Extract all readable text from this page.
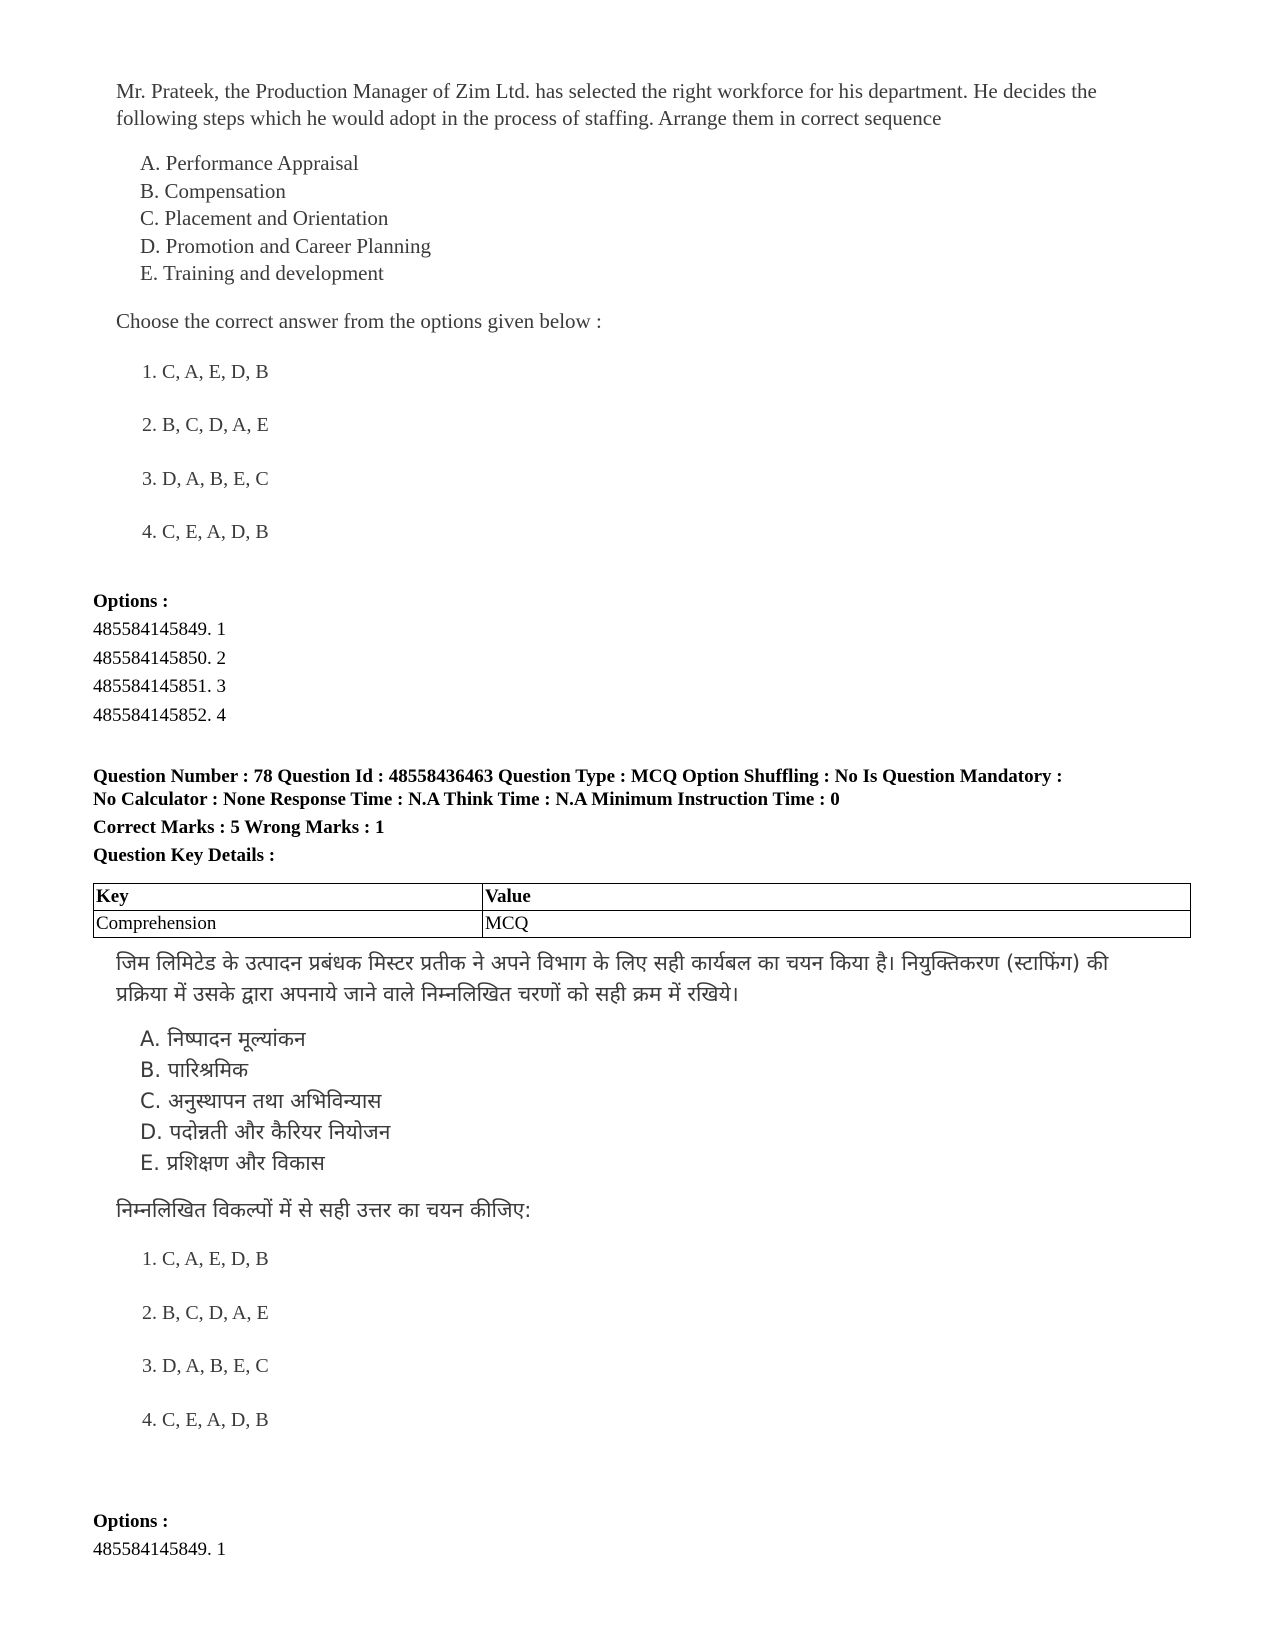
Mr. Prateek, the Production Manager of Zim Ltd. has selected the right workforce for his department. He decides the following steps which he would adopt in the process of staffing. Arrange them in correct sequence

A. Performance Appraisal
B. Compensation
C. Placement and Orientation
D. Promotion and Career Planning
E. Training and development

Choose the correct answer from the options given below :

1. C, A, E, D, B
2. B, C, D, A, E
3. D, A, B, E, C
4. C, E, A, D, B
Options :
485584145849. 1
485584145850. 2
485584145851. 3
485584145852. 4
Question Number : 78 Question Id : 48558436463 Question Type : MCQ Option Shuffling : No Is Question Mandatory :
No Calculator : None Response Time : N.A Think Time : N.A Minimum Instruction Time : 0
Correct Marks : 5 Wrong Marks : 1
Question Key Details :
Key	Value
Comprehension	MCQ

जिम लिमिटेड के उत्पादन प्रबंधक मिस्टर प्रतीक ने अपने विभाग के लिए सही कार्यबल का चयन किया है। नियुक्तिकरण (स्टाफिंग) की प्रक्रिया में उसके द्वारा अपनाये जाने वाले निम्नलिखित चरणों को सही क्रम में रखिये।

A. निष्पादन मूल्यांकन
B. पारिश्रमिक
C. अनुस्थापन तथा अभिविन्यास
D. पदोन्नती और कैरियर नियोजन
E. प्रशिक्षण और विकास

निम्नलिखित विकल्पों में से सही उत्तर का चयन कीजिए:

1. C, A, E, D, B
2. B, C, D, A, E
3. D, A, B, E, C
4. C, E, A, D, B
Options :
485584145849. 1
